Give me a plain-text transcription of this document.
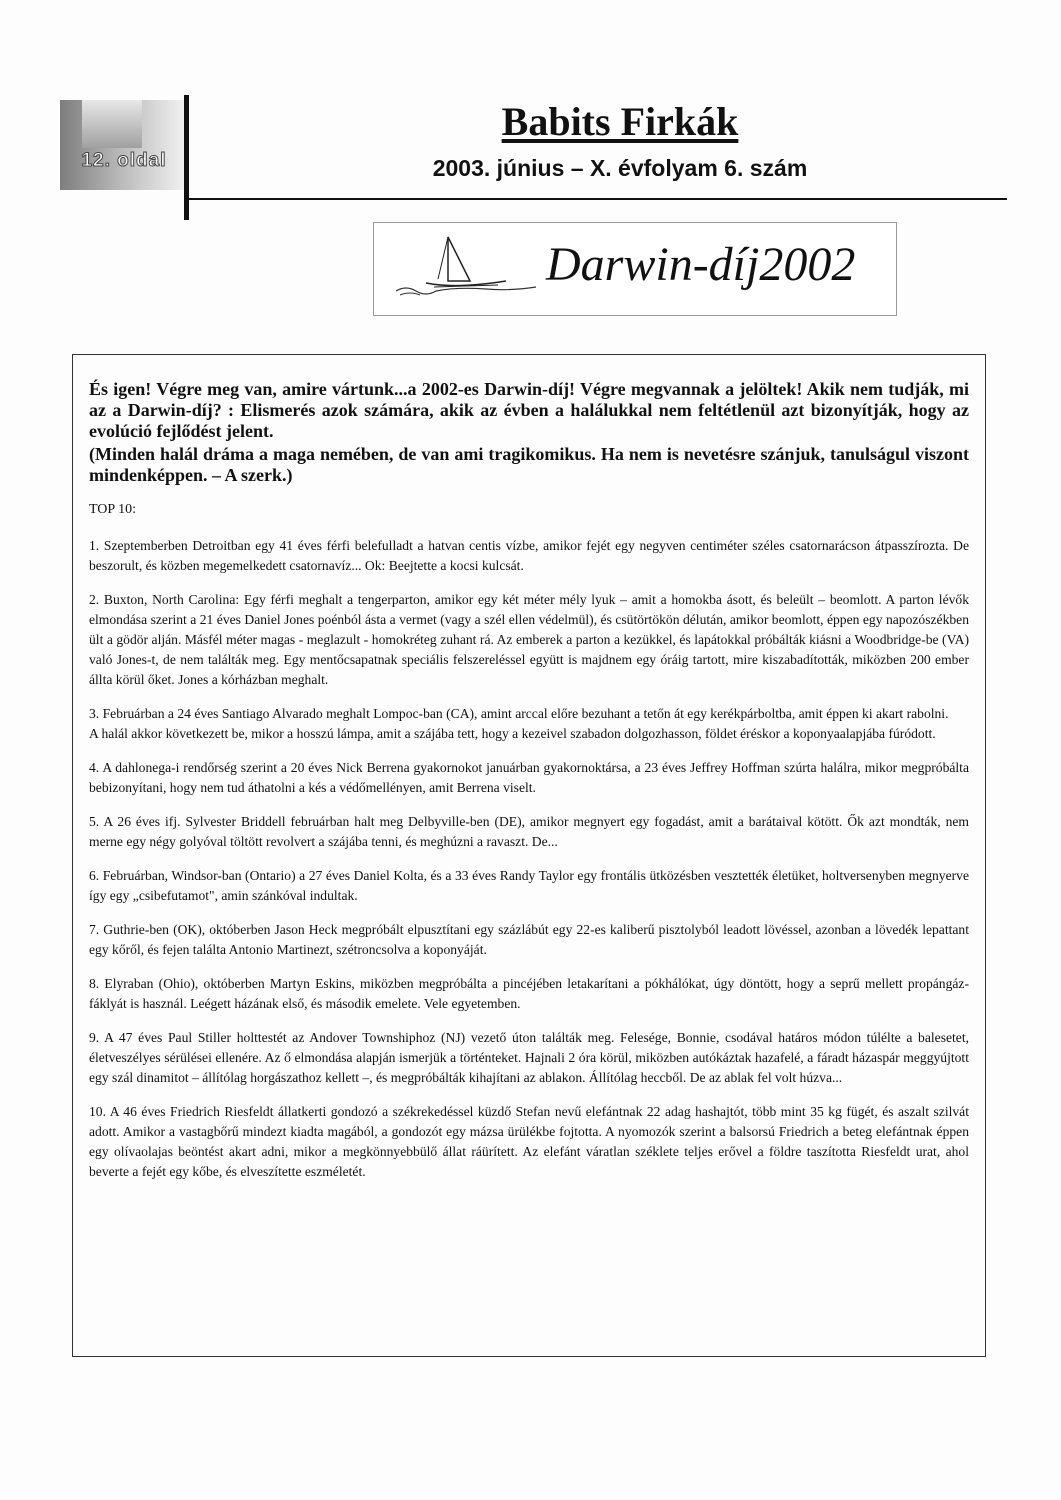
12. oldal
Babits Firkák
2003. június – X. évfolyam 6. szám
Darwin-díj2002

És igen! Végre meg van, amire vártunk...a 2002-es Darwin-díj! Végre megvannak a jelöltek! Akik nem tudják, mi az a Darwin-díj? : Elismerés azok számára, akik az évben a halálukkal nem feltétlenül azt bizonyítják, hogy az evolúció fejlődést jelent.

(Minden halál dráma a maga nemében, de van ami tragikomikus. Ha nem is nevetésre szánjuk, tanulságul viszont mindenképpen. – A szerk.)

TOP 10:

1. Szeptemberben Detroitban egy 41 éves férfi belefulladt a hatvan centis vízbe, amikor fejét egy negyven centiméter széles csatornarácson átpasszírozta. De beszorult, és közben megemelkedett csatornavíz... Ok: Beejtette a kocsi kulcsát.

2. Buxton, North Carolina: Egy férfi meghalt a tengerparton, amikor egy két méter mély lyuk – amit a homokba ásott, és beleült – beomlott. A parton lévők elmondása szerint a 21 éves Daniel Jones poénból ásta a vermet (vagy a szél ellen védelmül), és csütörtökön délután, amikor beomlott, éppen egy napozószékben ült a gödör alján. Másfél méter magas - meglazult - homokréteg zuhant rá. Az emberek a parton a kezükkel, és lapátokkal próbálták kiásni a Woodbridge-be (VA) való Jones-t, de nem találták meg. Egy mentőcsapatnak speciális felszereléssel együtt is majdnem egy óráig tartott, mire kiszabadították, miközben 200 ember állta körül őket. Jones a kórházban meghalt.

3. Februárban a 24 éves Santiago Alvarado meghalt Lompoc-ban (CA), amint arccal előre bezuhant a tetőn át egy kerékpárboltba, amit éppen ki akart rabolni.

A halál akkor következett be, mikor a hosszú lámpa, amit a szájába tett, hogy a kezeivel szabadon dolgozhasson, földet éréskor a koponyaalapjába fúródott.

4. A dahlonega-i rendőrség szerint a 20 éves Nick Berrena gyakornokot januárban gyakornoktársa, a 23 éves Jeffrey Hoffman szúrta halálra, mikor megpróbálta bebizonyítani, hogy nem tud áthatolni a kés a védőmellényen, amit Berrena viselt.

5. A 26 éves ifj. Sylvester Briddell februárban halt meg Delbyville-ben (DE), amikor megnyert egy fogadást, amit a barátaival kötött. Ők azt mondták, nem merne egy négy golyóval töltött revolvert a szájába tenni, és meghúzni a ravaszt. De...

6. Februárban, Windsor-ban (Ontario) a 27 éves Daniel Kolta, és a 33 éves Randy Taylor egy frontális ütközésben vesztették életüket, holtversenyben megnyerve így egy „csibefutamot", amin szánkóval indultak.

7. Guthrie-ben (OK), októberben Jason Heck megpróbált elpusztítani egy százlábút egy 22-es kaliberű pisztolyból leadott lövéssel, azonban a lövedék lepattant egy kőről, és fejen találta Antonio Martinezt, szétroncsolva a koponyáját.

8. Elyraban (Ohio), októberben Martyn Eskins, miközben megpróbálta a pincéjében letakarítani a pókhálókat, úgy döntött, hogy a seprű mellett propángáz-fáklyát is használ. Leégett házának első, és második emelete. Vele egyetemben.

9. A 47 éves Paul Stiller holttestét az Andover Townshiphoz (NJ) vezető úton találták meg. Felesége, Bonnie, csodával határos módon túlélte a balesetet, életveszélyes sérülései ellenére. Az ő elmondása alapján ismerjük a történteket. Hajnali 2 óra körül, miközben autókáztak hazafelé, a fáradt házaspár meggyújtott egy szál dinamitot – állítólag horgászathoz kellett –, és megpróbálták kihajítani az ablakon. Állítólag heccből. De az ablak fel volt húzva...

10. A 46 éves Friedrich Riesfeldt állatkerti gondozó a székrekedéssel küzdő Stefan nevű elefántnak 22 adag hashajtót, több mint 35 kg fügét, és aszalt szilvát adott. Amikor a vastagbőrű mindezt kiadta magából, a gondozót egy mázsa ürülékbe fojtotta. A nyomozók szerint a balsorsú Friedrich a beteg elefántnak éppen egy olívaolajas beöntést akart adni, mikor a megkönnyebbülő állat ráürített. Az elefánt váratlan széklete teljes erővel a földre taszította Riesfeldt urat, ahol beverte a fejét egy kőbe, és elveszítette eszméletét.
